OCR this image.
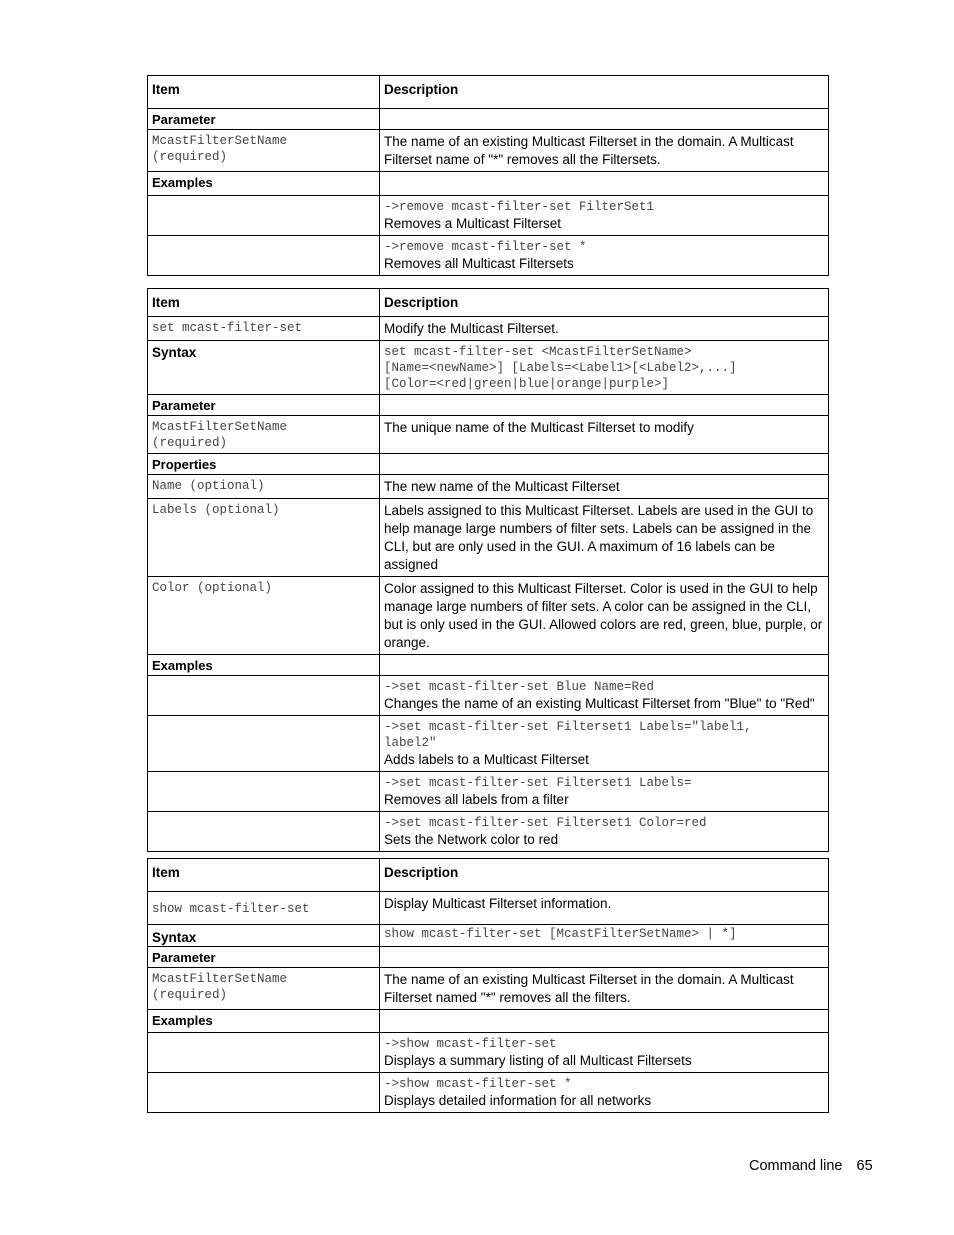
Item	Description
Parameter	

McastFilterSetName
(required)	The name of an existing Multicast Filterset in the domain. A Multicast Filterset name of "*" removes all the Filtersets.

Examples	

	->remove mcast-filter-set FilterSet1
Removes a Multicast Filterset

	->remove mcast-filter-set *
Removes all Multicast Filtersets
Item	Description

set mcast-filter-set	Modify the Multicast Filterset.

Syntax	set mcast-filter-set <McastFilterSetName>
[Name=<newName>] [Labels=<Label1>[<Label2>,...]
[Color=<red|green|blue|orange|purple>]

Parameter	

McastFilterSetName
(required)	The unique name of the Multicast Filterset to modify

Properties	

Name (optional)	The new name of the Multicast Filterset

Labels (optional)	Labels assigned to this Multicast Filterset. Labels are used in the GUI to help manage large numbers of filter sets. Labels can be assigned in the CLI, but are only used in the GUI. A maximum of 16 labels can be assigned

Color (optional)	Color assigned to this Multicast Filterset. Color is used in the GUI to help manage large numbers of filter sets. A color can be assigned in the CLI, but is only used in the GUI. Allowed colors are red, green, blue, purple, or orange.

Examples	

	->set mcast-filter-set Blue Name=Red
Changes the name of an existing Multicast Filterset from "Blue'' to "Red"

	->set mcast-filter-set Filterset1 Labels="label1,
label2"
Adds labels to a Multicast Filterset

	->set mcast-filter-set Filterset1 Labels=
Removes all labels from a filter

	->set mcast-filter-set Filterset1 Color=red
Sets the Network color to red
Item	Description

show mcast-filter-set	Display Multicast Filterset information.

Syntax	show mcast-filter-set [McastFilterSetName> | *]

Parameter	

McastFilterSetName
(required)	The name of an existing Multicast Filterset in the domain. A Multicast Filterset named "*" removes all the filters.

Examples	

	->show mcast-filter-set
Displays a summary listing of all Multicast Filtersets

	->show mcast-filter-set *
Displays detailed information for all networks
Command line 65
